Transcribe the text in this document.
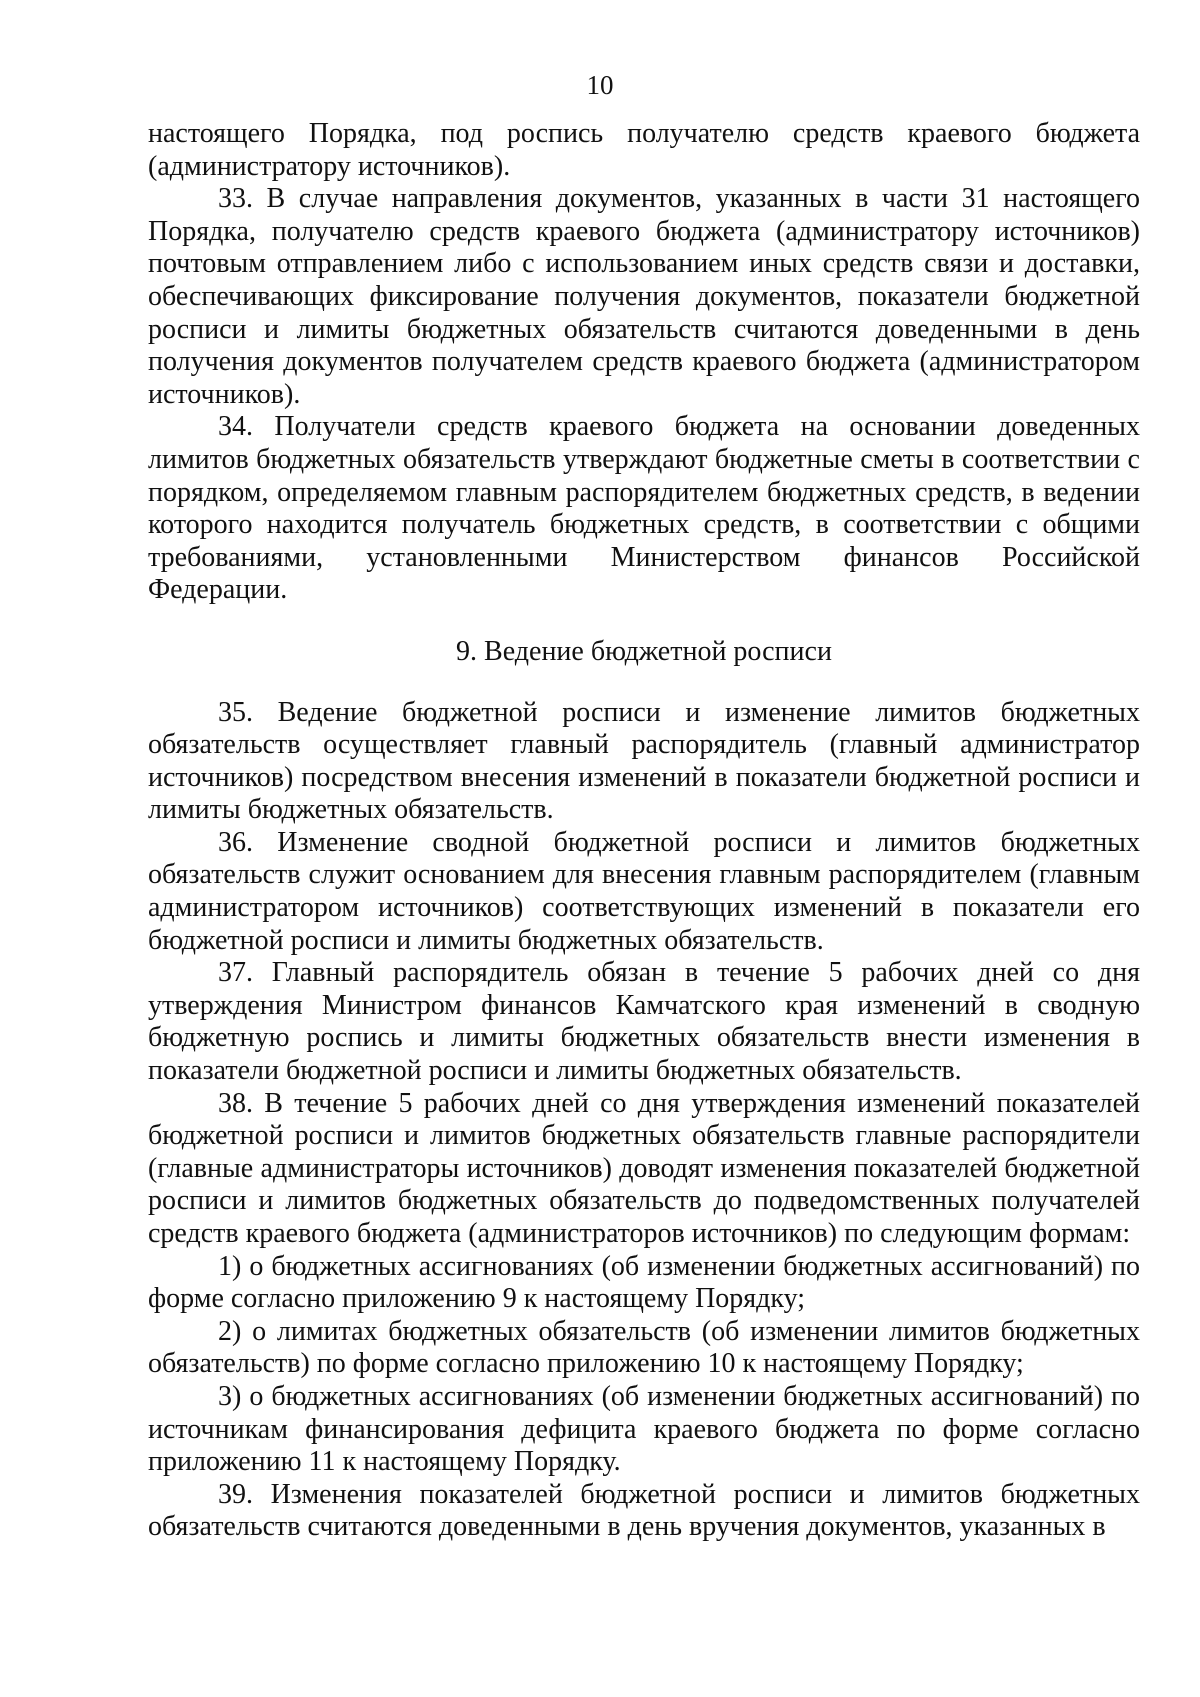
10

настоящего Порядка, под роспись получателю средств краевого бюджета (администратору источников).

33. В случае направления документов, указанных в части 31 настоящего Порядка, получателю средств краевого бюджета (администратору источников) почтовым отправлением либо с использованием иных средств связи и доставки, обеспечивающих фиксирование получения документов, показатели бюджетной росписи и лимиты бюджетных обязательств считаются доведенными в день получения документов получателем средств краевого бюджета (администратором источников).

34. Получатели средств краевого бюджета на основании доведенных лимитов бюджетных обязательств утверждают бюджетные сметы в соответствии с порядком, определяемом главным распорядителем бюджетных средств, в ведении которого находится получатель бюджетных средств, в соответствии с общими требованиями, установленными Министерством финансов Российской Федерации.

9. Ведение бюджетной росписи

35. Ведение бюджетной росписи и изменение лимитов бюджетных обязательств осуществляет главный распорядитель (главный администратор источников) посредством внесения изменений в показатели бюджетной росписи и лимиты бюджетных обязательств.

36. Изменение сводной бюджетной росписи и лимитов бюджетных обязательств служит основанием для внесения главным распорядителем (главным администратором источников) соответствующих изменений в показатели его бюджетной росписи и лимиты бюджетных обязательств.

37. Главный распорядитель обязан в течение 5 рабочих дней со дня утверждения Министром финансов Камчатского края изменений в сводную бюджетную роспись и лимиты бюджетных обязательств внести изменения в показатели бюджетной росписи и лимиты бюджетных обязательств.

38. В течение 5 рабочих дней со дня утверждения изменений показателей бюджетной росписи и лимитов бюджетных обязательств главные распорядители (главные администраторы источников) доводят изменения показателей бюджетной росписи и лимитов бюджетных обязательств до подведомственных получателей средств краевого бюджета (администраторов источников) по следующим формам:

1) о бюджетных ассигнованиях (об изменении бюджетных ассигнований) по форме согласно приложению 9 к настоящему Порядку;

2) о лимитах бюджетных обязательств (об изменении лимитов бюджетных обязательств) по форме согласно приложению 10 к настоящему Порядку;

3) о бюджетных ассигнованиях (об изменении бюджетных ассигнований) по источникам финансирования дефицита краевого бюджета по форме согласно приложению 11 к настоящему Порядку.

39. Изменения показателей бюджетной росписи и лимитов бюджетных обязательств считаются доведенными в день вручения документов, указанных в
